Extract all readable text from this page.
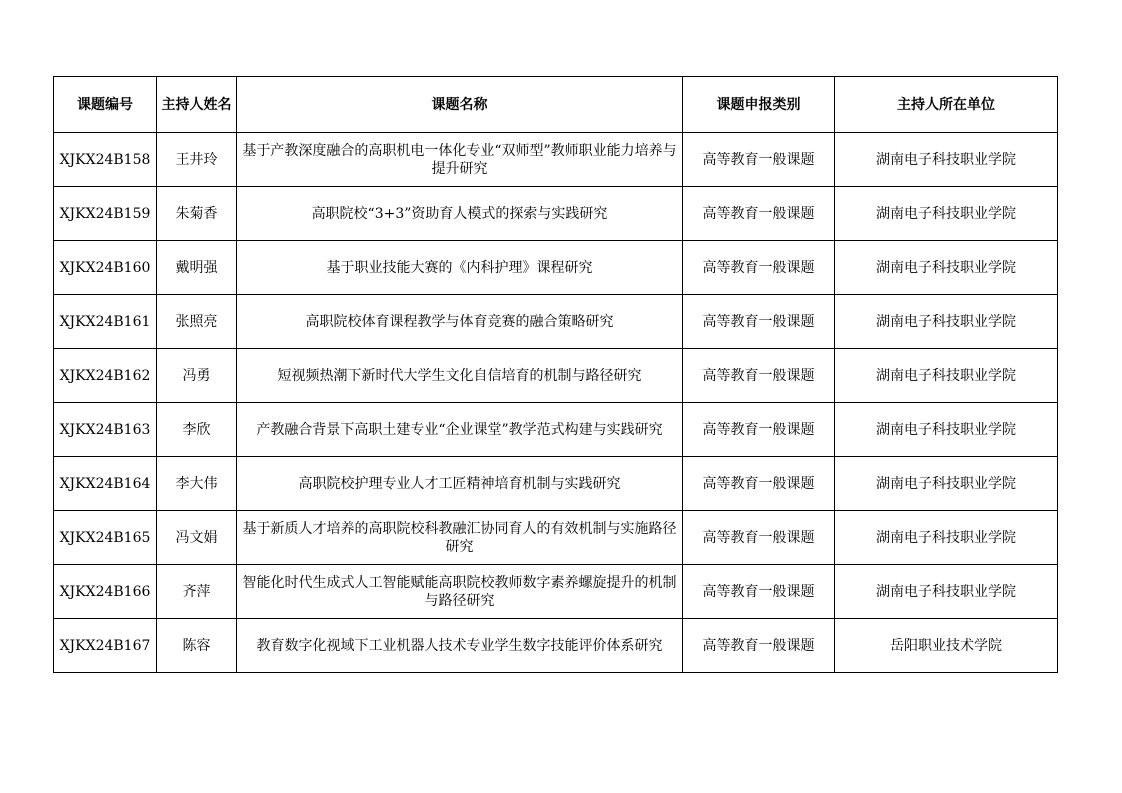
课题编号	主持人姓名	课题名称	课题申报类别	主持人所在单位
XJKX24B158	王井玲	基于产教深度融合的高职机电一体化专业“双师型”教师职业能力培养与提升研究	高等教育一般课题	湖南电子科技职业学院
XJKX24B159	朱菊香	高职院校“3+3”资助育人模式的探索与实践研究	高等教育一般课题	湖南电子科技职业学院
XJKX24B160	戴明强	基于职业技能大赛的《内科护理》课程研究	高等教育一般课题	湖南电子科技职业学院
XJKX24B161	张照亮	高职院校体育课程教学与体育竞赛的融合策略研究	高等教育一般课题	湖南电子科技职业学院
XJKX24B162	冯勇	短视频热潮下新时代大学生文化自信培育的机制与路径研究	高等教育一般课题	湖南电子科技职业学院
XJKX24B163	李欣	产教融合背景下高职土建专业“企业课堂”教学范式构建与实践研究	高等教育一般课题	湖南电子科技职业学院
XJKX24B164	李大伟	高职院校护理专业人才工匠精神培育机制与实践研究	高等教育一般课题	湖南电子科技职业学院
XJKX24B165	冯文娟	基于新质人才培养的高职院校科教融汇协同育人的有效机制与实施路径研究	高等教育一般课题	湖南电子科技职业学院
XJKX24B166	齐萍	智能化时代生成式人工智能赋能高职院校教师数字素养螺旋提升的机制与路径研究	高等教育一般课题	湖南电子科技职业学院
XJKX24B167	陈容	教育数字化视域下工业机器人技术专业学生数字技能评价体系研究	高等教育一般课题	岳阳职业技术学院
